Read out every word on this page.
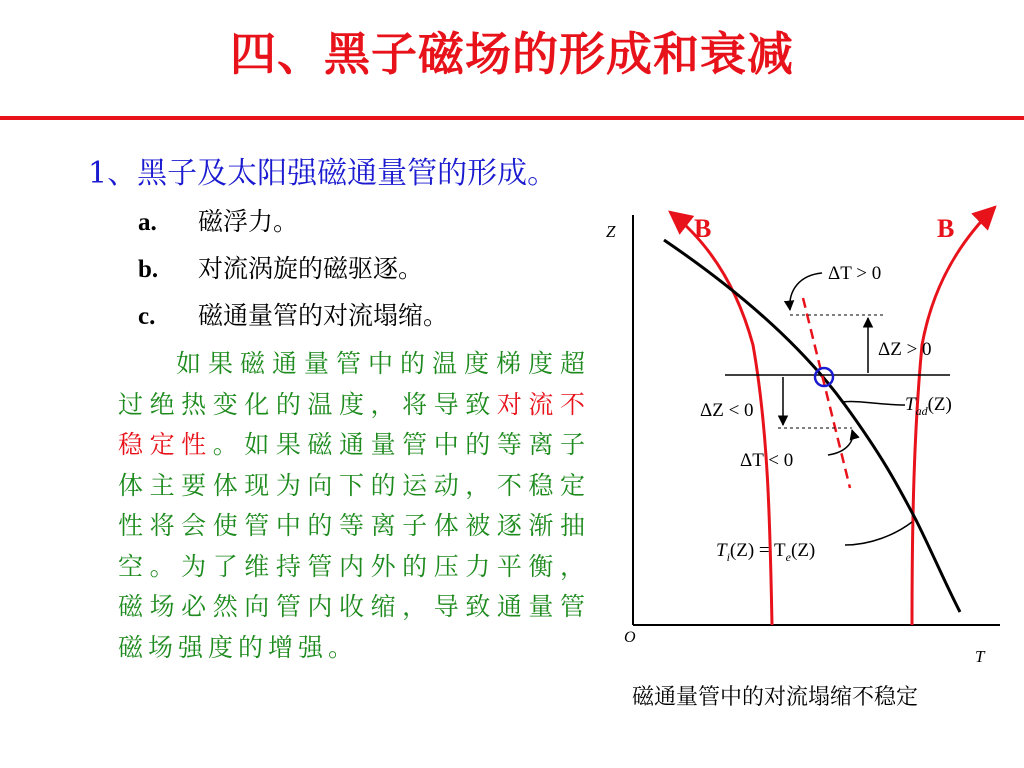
四、黑子磁场的形成和衰减
1、黑子及太阳强磁通量管的形成。
a. 磁浮力。
b. 对流涡旋的磁驱逐。
c. 磁通量管的对流塌缩。
如果磁通量管中的温度梯度超过绝热变化的温度，将导致对流不稳定性。如果磁通量管中的等离子体主要体现为向下的运动，不稳定性将会使管中的等离子体被逐渐抽空。为了维持管内外的压力平衡，磁场必然向管内收缩，导致通量管磁场强度的增强。
Z
T
O
B	B
ΔT > 0
ΔZ > 0
ΔZ < 0
ΔT < 0
$T_{ad}(Z)$
$T_i(Z) = T_e(Z)$
磁通量管中的对流塌缩不稳定
